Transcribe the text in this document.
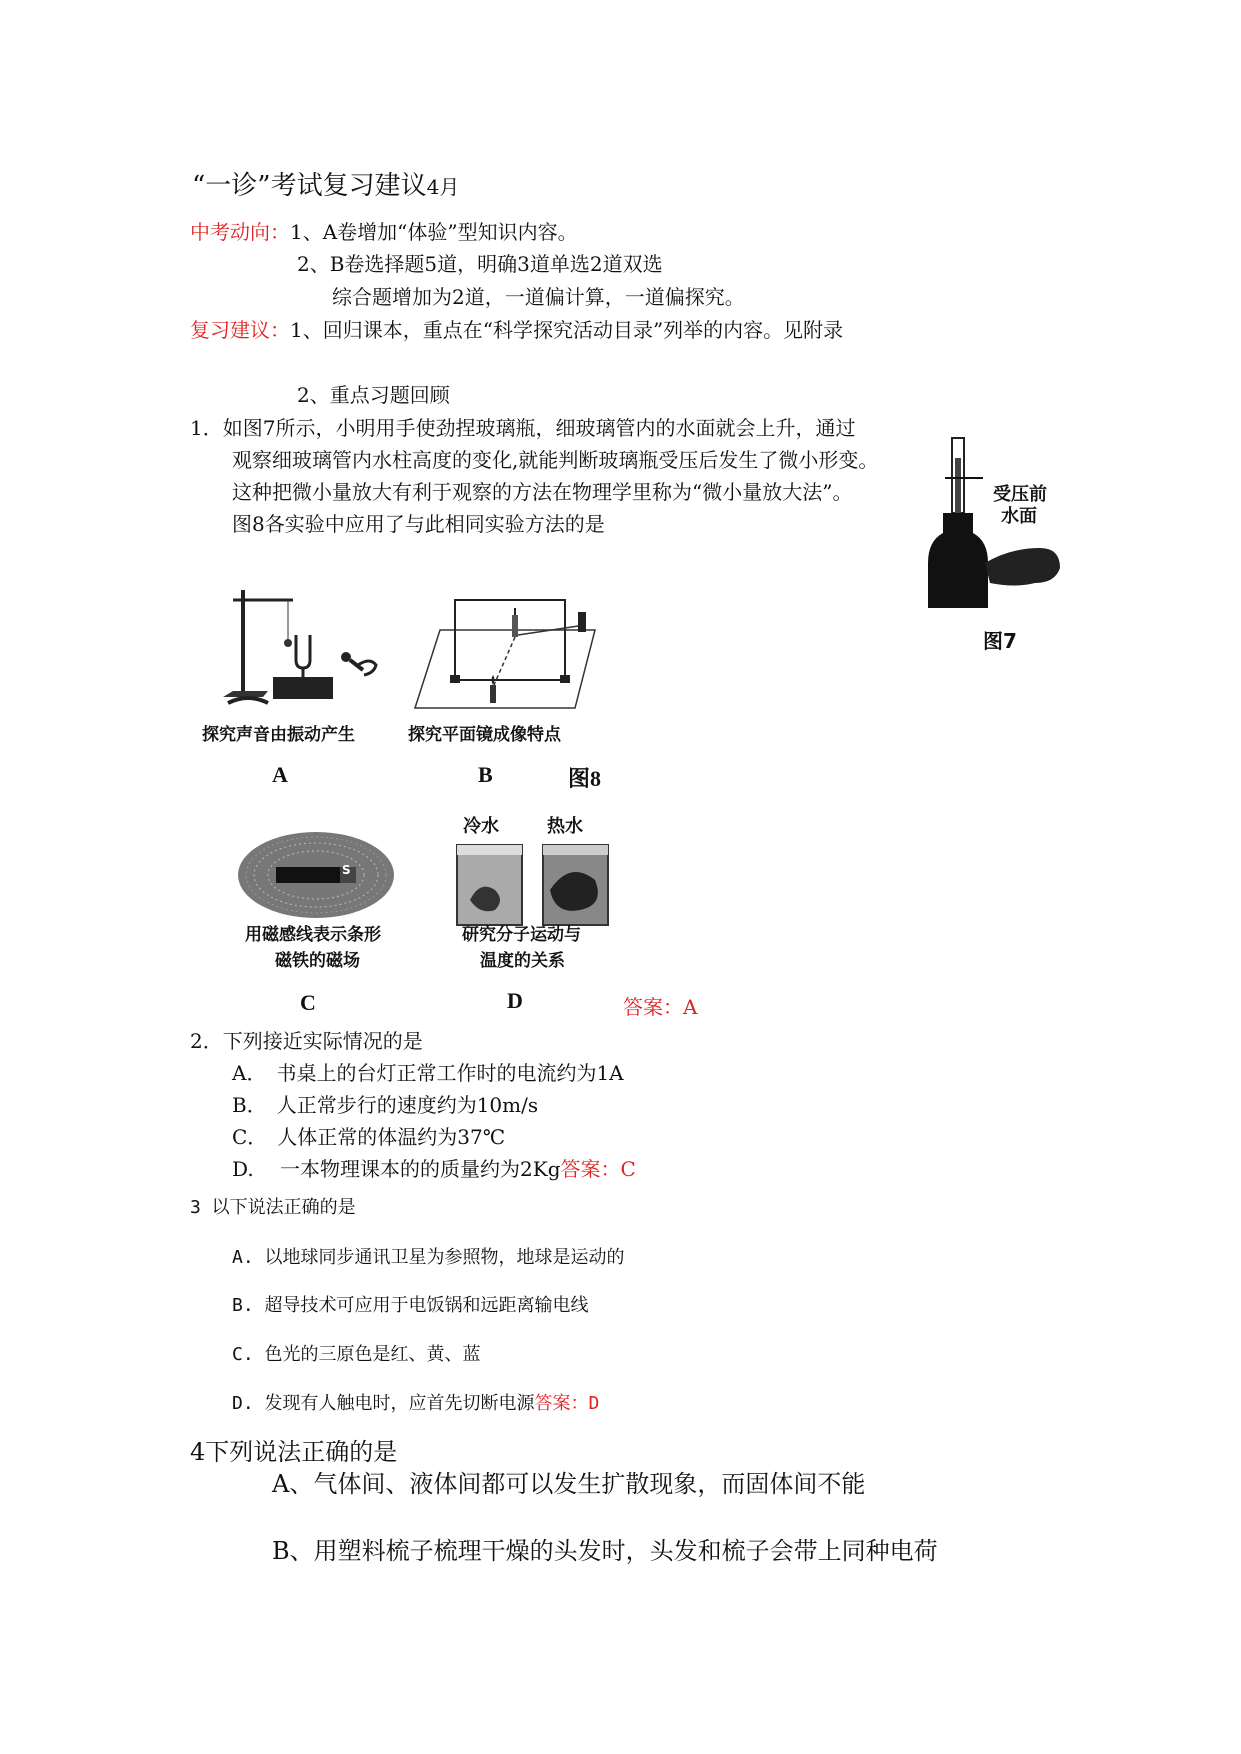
“一诊”考试复习建议4月
中考动向：1、A卷增加“体验”型知识内容。
2、B卷选择题5道，明确3道单选2道双选
综合题增加为2道，一道偏计算，一道偏探究。
复习建议：1、回归课本，重点在“科学探究活动目录”列举的内容。见附录
2、重点习题回顾
1．如图7所示，小明用手使劲捏玻璃瓶，细玻璃管内的水面就会上升，通过
观察细玻璃管内水柱高度的变化,就能判断玻璃瓶受压后发生了微小形变。
这种把微小量放大有利于观察的方法在物理学里称为“微小量放大法”。
图8各实验中应用了与此相同实验方法的是
受压前
水面
图7
探究声音由振动产生
A
探究平面镜成像特点
B	图8
S
用磁感线表示条形
磁铁的磁场
C
冷水	热水
研究分子运动与
温度的关系
D	答案：A
2．下列接近实际情况的是
A．　书桌上的台灯正常工作时的电流约为1A
B．　人正常步行的速度约为10m/s
C．　人体正常的体温约为37℃
D.　 一本物理课本的的质量约为2Kg答案：C
3 以下说法正确的是
A. 以地球同步通讯卫星为参照物，地球是运动的
B. 超导技术可应用于电饭锅和远距离输电线
C. 色光的三原色是红、黄、蓝
D. 发现有人触电时，应首先切断电源答案：D
4下列说法正确的是
A、气体间、液体间都可以发生扩散现象，而固体间不能
B、用塑料梳子梳理干燥的头发时，头发和梳子会带上同种电荷
